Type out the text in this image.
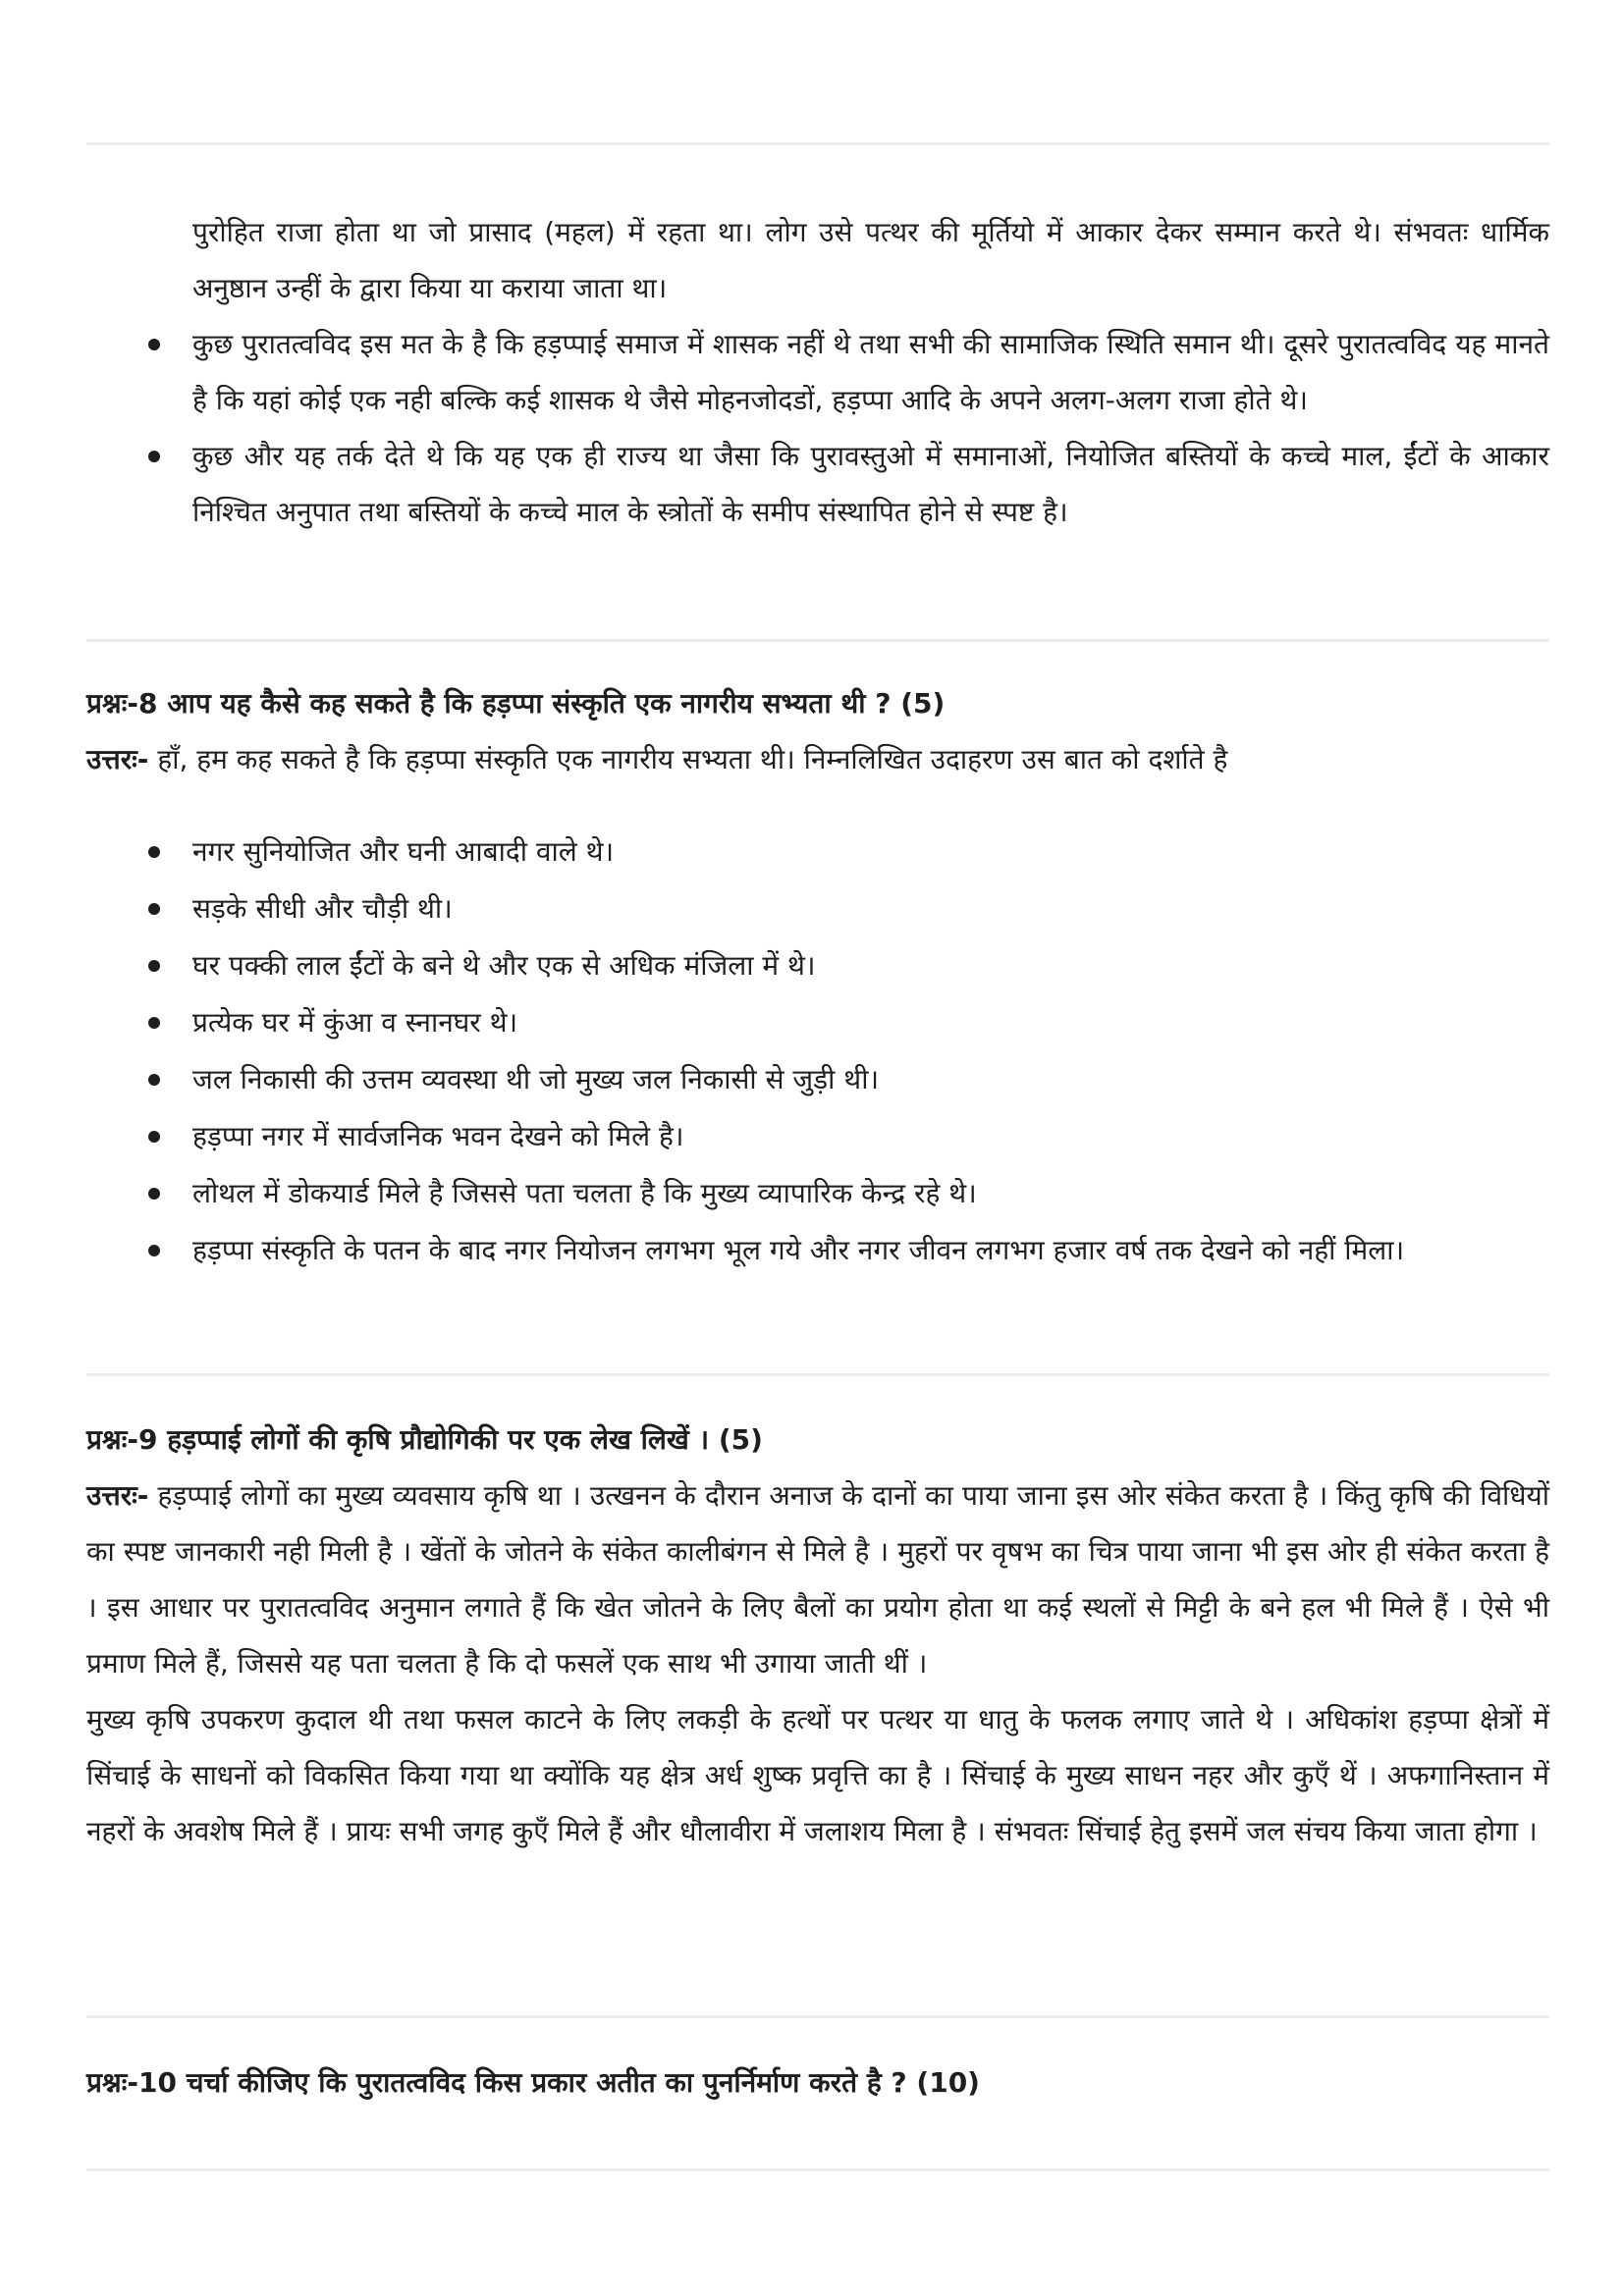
पुरोहित राजा होता था जो प्रासाद (महल) में रहता था। लोग उसे पत्थर की मूर्तियो में आकार देकर सम्मान करते थे। संभवतः धार्मिक अनुष्ठान उन्हीं के द्वारा किया या कराया जाता था।

कुछ पुरातत्वविद इस मत के है कि हड़प्पाई समाज में शासक नहीं थे तथा सभी की सामाजिक स्थिति समान थी। दूसरे पुरातत्वविद यह मानते है कि यहां कोई एक नही बल्कि कई शासक थे जैसे मोहनजोदडों, हड़प्पा आदि के अपने अलग-अलग राजा होते थे।
कुछ और यह तर्क देते थे कि यह एक ही राज्य था जैसा कि पुरावस्तुओ में समानाओं, नियोजित बस्तियों के कच्चे माल, ईंटों के आकार निश्चित अनुपात तथा बस्तियों के कच्चे माल के स्त्रोतों के समीप संस्थापित होने से स्पष्ट है।

प्रश्नः-8 आप यह कैसे कह सकते है कि हड़प्पा संस्कृति एक नागरीय सभ्यता थी ? (5)

उत्तरः- हाँ, हम कह सकते है कि हड़प्पा संस्कृति एक नागरीय सभ्यता थी। निम्नलिखित उदाहरण उस बात को दर्शाते है

नगर सुनियोजित और घनी आबादी वाले थे।
सड़के सीधी और चौड़ी थी।
घर पक्की लाल ईंटों के बने थे और एक से अधिक मंजिला में थे।
प्रत्येक घर में कुंआ व स्नानघर थे।
जल निकासी की उत्तम व्यवस्था थी जो मुख्य जल निकासी से जुड़ी थी।
हड़प्पा नगर में सार्वजनिक भवन देखने को मिले है।
लोथल में डोकयार्ड मिले है जिससे पता चलता है कि मुख्य व्यापारिक केन्द्र रहे थे।
हड़प्पा संस्कृति के पतन के बाद नगर नियोजन लगभग भूल गये और नगर जीवन लगभग हजार वर्ष तक देखने को नहीं मिला।

प्रश्नः-9 हड़प्पाई लोगों की कृषि प्रौद्योगिकी पर एक लेख लिखें । (5)

उत्तरः- हड़प्पाई लोगों का मुख्य व्यवसाय कृषि था । उत्खनन के दौरान अनाज के दानों का पाया जाना इस ओर संकेत करता है । किंतु कृषि की विधियों का स्पष्ट जानकारी नही मिली है । खेंतों के जोतने के संकेत कालीबंगन से मिले है । मुहरों पर वृषभ का चित्र पाया जाना भी इस ओर ही संकेत करता है । इस आधार पर पुरातत्वविद अनुमान लगाते हैं कि खेत जोतने के लिए बैलों का प्रयोग होता था कई स्थलों से मिट्टी के बने हल भी मिले हैं । ऐसे भी प्रमाण मिले हैं, जिससे यह पता चलता है कि दो फसलें एक साथ भी उगाया जाती थीं ।

मुख्य कृषि उपकरण कुदाल थी तथा फसल काटने के लिए लकड़ी के हत्थों पर पत्थर या धातु के फलक लगाए जाते थे । अधिकांश हड़प्पा क्षेत्रों में सिंचाई के साधनों को विकसित किया गया था क्योंकि यह क्षेत्र अर्ध शुष्क प्रवृत्ति का है । सिंचाई के मुख्य साधन नहर और कुएँ थें । अफगानिस्तान में नहरों के अवशेष मिले हैं । प्रायः सभी जगह कुएँ मिले हैं और धौलावीरा में जलाशय मिला है । संभवतः सिंचाई हेतु इसमें जल संचय किया जाता होगा ।

प्रश्नः-10 चर्चा कीजिए कि पुरातत्वविद किस प्रकार अतीत का पुनर्निर्माण करते है ? (10)
